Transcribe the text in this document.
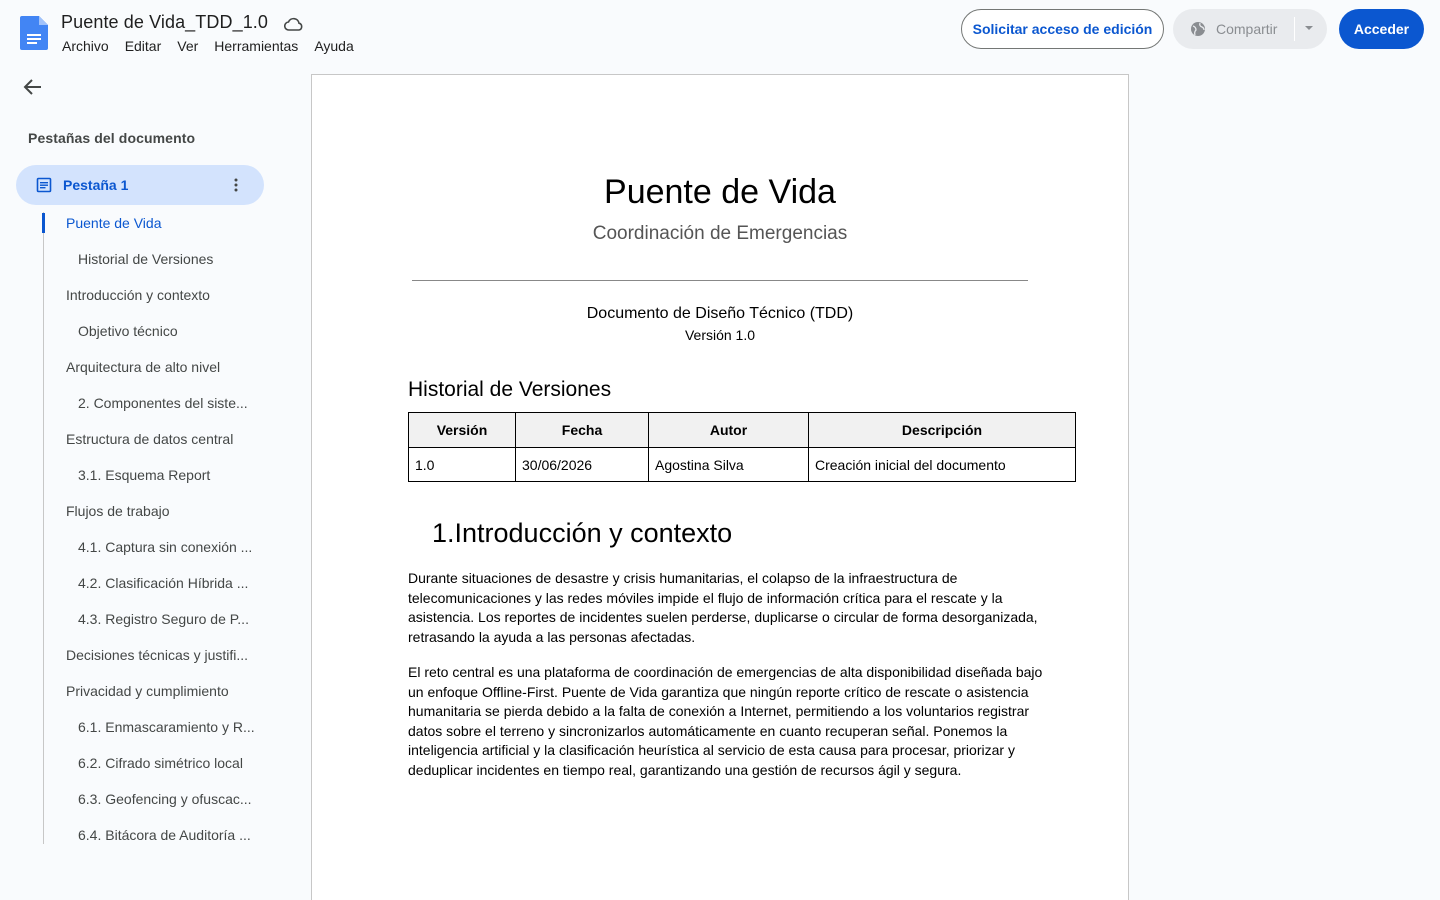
Puente de Vida_TDD_1.0
Archivo Editar Ver Herramientas Ayuda
Solicitar acceso de edición	Compartir	Acceder
Pestañas del documento
Pestaña 1
Puente de Vida
Historial de Versiones
Introducción y contexto
Objetivo técnico
Arquitectura de alto nivel
2. Componentes del siste...
Estructura de datos central
3.1. Esquema Report
Flujos de trabajo
4.1. Captura sin conexión ...
4.2. Clasificación Híbrida ...
4.3. Registro Seguro de P...
Decisiones técnicas y justifi...
Privacidad y cumplimiento
6.1. Enmascaramiento y R...
6.2. Cifrado simétrico local
6.3. Geofencing y ofuscac...
6.4. Bitácora de Auditoría ...
Puente de Vida
Coordinación de Emergencias
Documento de Diseño Técnico (TDD)
Versión 1.0
Historial de Versiones
Versión	Fecha	Autor	Descripción
1.0	30/06/2026	Agostina Silva	Creación inicial del documento
1.Introducción y contexto
Durante situaciones de desastre y crisis humanitarias, el colapso de la infraestructura de telecomunicaciones y las redes móviles impide el flujo de información crítica para el rescate y la asistencia. Los reportes de incidentes suelen perderse, duplicarse o circular de forma desorganizada, retrasando la ayuda a las personas afectadas.
El reto central es una plataforma de coordinación de emergencias de alta disponibilidad diseñada bajo un enfoque Offline-First. Puente de Vida garantiza que ningún reporte crítico de rescate o asistencia humanitaria se pierda debido a la falta de conexión a Internet, permitiendo a los voluntarios registrar datos sobre el terreno y sincronizarlos automáticamente en cuanto recuperan señal. Ponemos la inteligencia artificial y la clasificación heurística al servicio de esta causa para procesar, priorizar y deduplicar incidentes en tiempo real, garantizando una gestión de recursos ágil y segura.
